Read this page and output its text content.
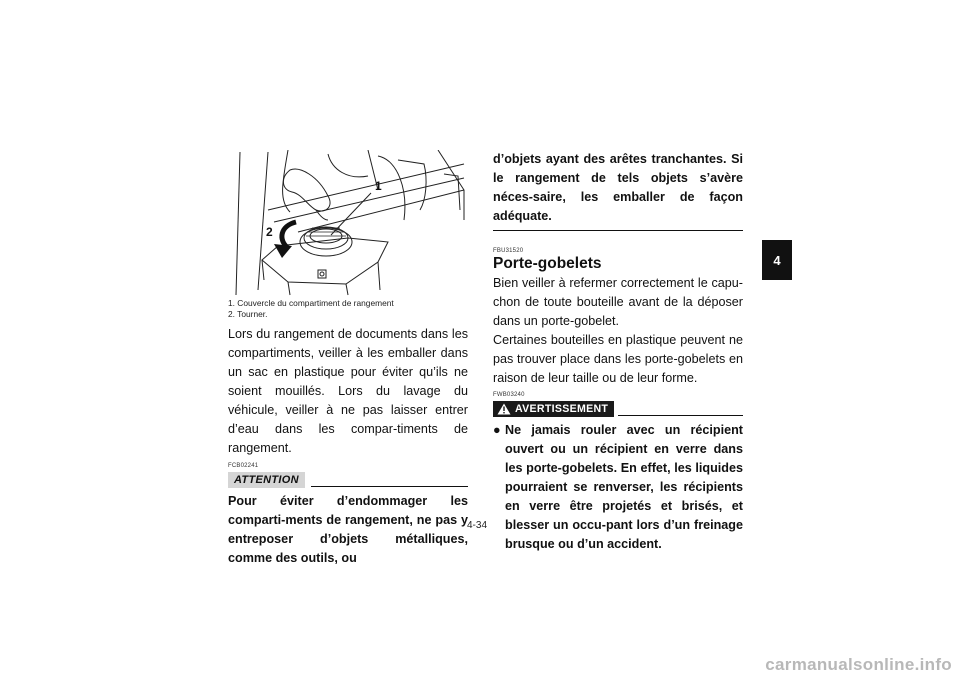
1
2
1. Couvercle du compartiment de rangement
2. Tourner.

Lors du rangement de documents dans les compartiments, veiller à les emballer dans un sac en plastique pour éviter qu’ils ne soient mouillés. Lors du lavage du véhicule, veiller à ne pas laisser entrer d’eau dans les compar-timents de rangement.

FCB02241
ATTENTION

Pour éviter d’endommager les comparti-ments de rangement, ne pas y entreposer d’objets métalliques, comme des outils, ou

d’objets ayant des arêtes tranchantes. Si le rangement de tels objets s’avère néces-saire, les emballer de façon adéquate.

FBU31520
Porte-gobelets

Bien veiller à refermer correctement le capu-chon de toute bouteille avant de la déposer dans un porte-gobelet.

Certaines bouteilles en plastique peuvent ne pas trouver place dans les porte-gobelets en raison de leur taille ou de leur forme.

FWB03240
AVERTISSEMENT
● Ne jamais rouler avec un récipient ouvert ou un récipient en verre dans les porte-gobelets. En effet, les liquides pourraient se renverser, les récipients en verre être projetés et brisés, et blesser un occu-pant lors d’un freinage brusque ou d’un accident.
4
4-34
carmanualsonline.info
